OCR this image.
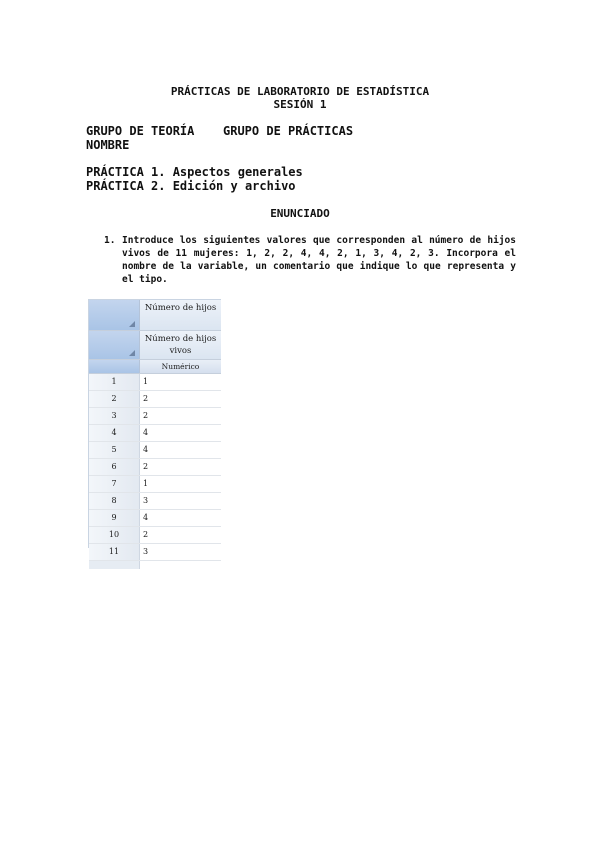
PRÁCTICAS DE LABORATORIO DE ESTADÍSTICA
SESIÓN 1
GRUPO DE TEORÍA GRUPO DE PRÁCTICAS
NOMBRE
PRÁCTICA 1. Aspectos generales
PRÁCTICA 2. Edición y archivo
ENUNCIADO
1. Introduce los siguientes valores que corresponden al número de hijos vivos de 11 mujeres: 1, 2, 2, 4, 4, 2, 1, 3, 4, 2, 3. Incorpora el nombre de la variable, un comentario que indique lo que representa y el tipo.
Número de hijos
Número de hijos vivos
Numérico
1	1
2	2
3	2
4	4
5	4
6	2
7	1
8	3
9	4
10	2
11	3
